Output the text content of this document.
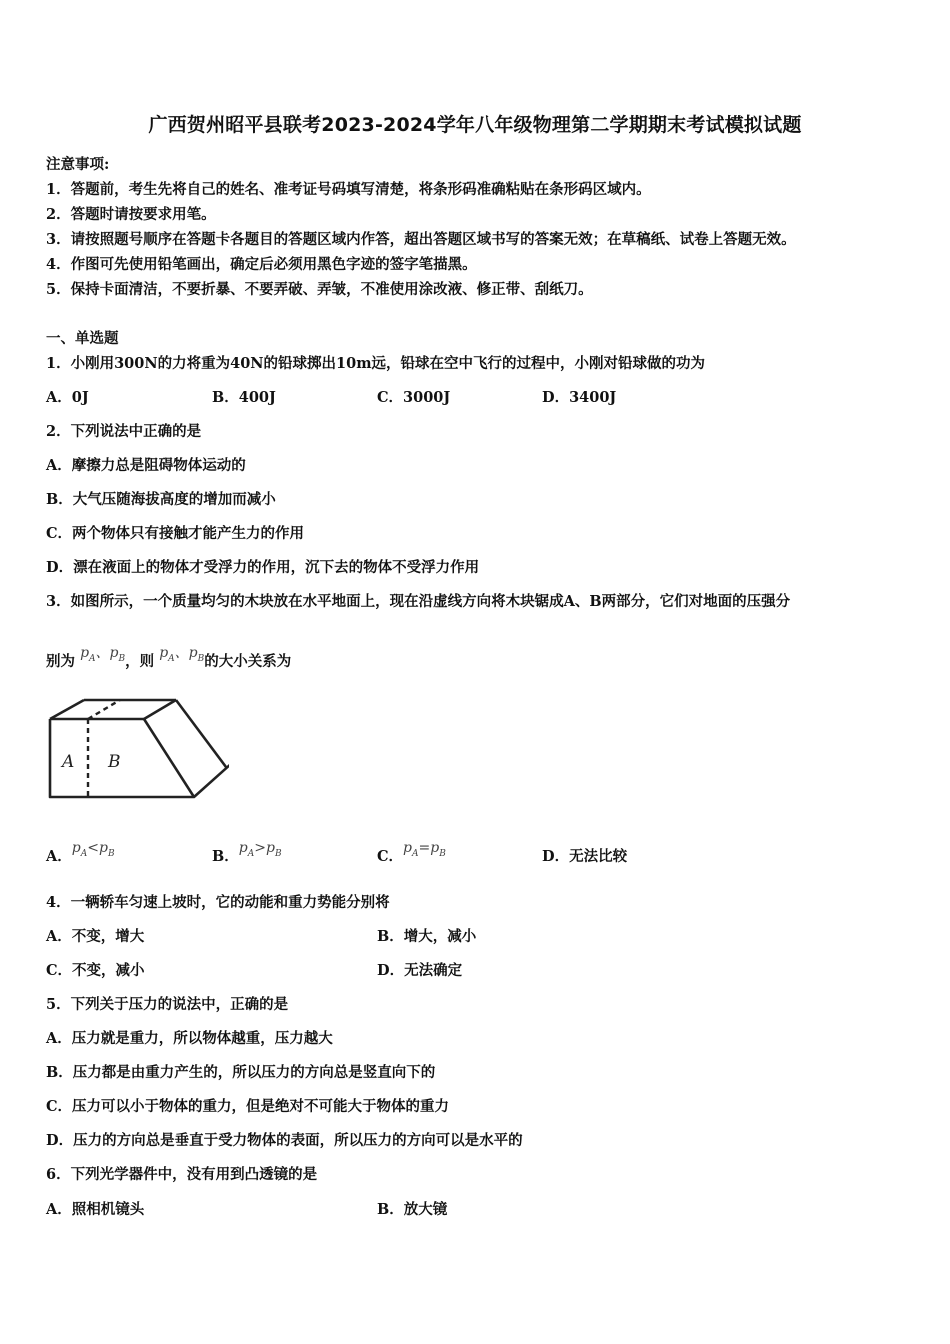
广西贺州昭平县联考2023-2024学年八年级物理第二学期期末考试模拟试题
注意事项:
1．答题前，考生先将自己的姓名、准考证号码填写清楚，将条形码准确粘贴在条形码区域内。
2．答题时请按要求用笔。
3．请按照题号顺序在答题卡各题目的答题区域内作答，超出答题区域书写的答案无效；在草稿纸、试卷上答题无效。
4．作图可先使用铅笔画出，确定后必须用黑色字迹的签字笔描黑。
5．保持卡面清洁，不要折暴、不要弄破、弄皱，不准使用涂改液、修正带、刮纸刀。
一、单选题
1．小刚用300N的力将重为40N的铅球掷出10m远，铅球在空中飞行的过程中，小刚对铅球做的功为
A．0J	B．400J	C．3000J	D．3400J
2．下列说法中正确的是
A．摩擦力总是阻碍物体运动的
B．大气压随海拔高度的增加而减小
C．两个物体只有接触才能产生力的作用
D．漂在液面上的物体才受浮力的作用，沉下去的物体不受浮力作用
3．如图所示，一个质量均匀的木块放在水平地面上，现在沿虚线方向将木块锯成A、B两部分，它们对地面的压强分
别为 $p_A$、$p_B$，则 $p_A$、$p_B$的大小关系为
A B
A．$p_A<p_B$	B．$p_A>p_B$	C．$p_A=p_B$	D．无法比较
4．一辆轿车匀速上坡时，它的动能和重力势能分别将
A．不变，增大	B．增大，减小
C．不变，减小	D．无法确定
5．下列关于压力的说法中，正确的是
A．压力就是重力，所以物体越重，压力越大
B．压力都是由重力产生的，所以压力的方向总是竖直向下的
C．压力可以小于物体的重力，但是绝对不可能大于物体的重力
D．压力的方向总是垂直于受力物体的表面，所以压力的方向可以是水平的
6．下列光学器件中，没有用到凸透镜的是
A．照相机镜头	B．放大镜
